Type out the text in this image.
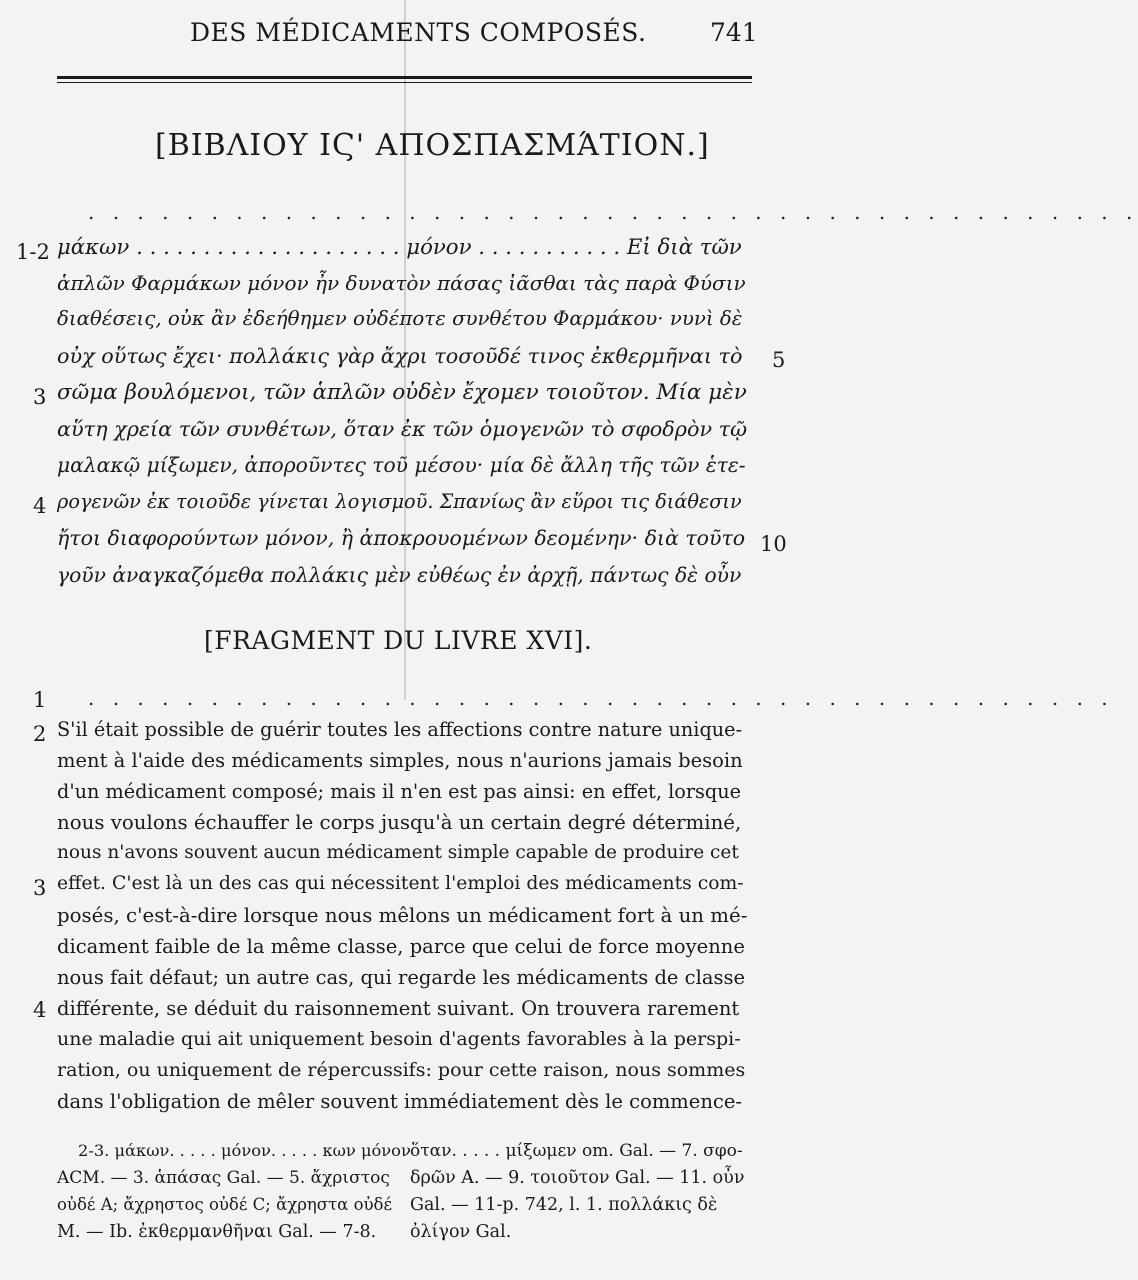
DES MÉDICAMENTS COMPOSÉS.	741
[ΒΙΒΛΙΟΥ ΙϚ' ΑΠΟΣΠΑΣΜΆΤΙΟΝ.]
. . . . . . . . . . . . . . . . . . . . . . . . . . . . . . . . . . . . . . . . . . .
1-2
3
4
5
10
μάκων . . . . . . . . . . . . . . . . . . . . μόνον . . . . . . . . . . . Εἰ διὰ τῶν
ἁπλῶν Φαρμάκων μόνον ἦν δυνατὸν πάσας ἰᾶσθαι τὰς παρὰ Φύσιν
διαθέσεις, οὐκ ἂν ἐδεήθημεν οὐδέποτε συνθέτου Φαρμάκου· νυνὶ δὲ
οὐχ οὕτως ἔχει· πολλάκις γὰρ ἄχρι τοσοῦδέ τινος ἐκθερμῆναι τὸ
σῶμα βουλόμενοι, τῶν ἁπλῶν οὐδὲν ἔχομεν τοιοῦτον. Μία μὲν
αὕτη χρεία τῶν συνθέτων, ὅταν ἐκ τῶν ὁμογενῶν τὸ σφοδρὸν τῷ
μαλακῷ μίξωμεν, ἀποροῦντες τοῦ μέσου· μία δὲ ἄλλη τῆς τῶν ἑτε-
ρογενῶν ἐκ τοιοῦδε γίνεται λογισμοῦ. Σπανίως ἂν εὕροι τις διάθεσιν
ἤτοι διαφορούντων μόνον, ἢ ἀποκρουομένων δεομένην· διὰ τοῦτο
γοῦν ἀναγκαζόμεθα πολλάκις μὲν εὐθέως ἐν ἀρχῇ, πάντως δὲ οὖν
[FRAGMENT DU LIVRE XVI].
. . . . . . . . . . . . . . . . . . . . . . . . . . . . . . . . . . . . . . . . . .
1
2
3
4
S'il était possible de guérir toutes les affections contre nature unique-
ment à l'aide des médicaments simples, nous n'aurions jamais besoin
d'un médicament composé; mais il n'en est pas ainsi: en effet, lorsque
nous voulons échauffer le corps jusqu'à un certain degré déterminé,
nous n'avons souvent aucun médicament simple capable de produire cet
effet. C'est là un des cas qui nécessitent l'emploi des médicaments com-
posés, c'est-à-dire lorsque nous mêlons un médicament fort à un mé-
dicament faible de la même classe, parce que celui de force moyenne
nous fait défaut; un autre cas, qui regarde les médicaments de classe
différente, se déduit du raisonnement suivant. On trouvera rarement
une maladie qui ait uniquement besoin d'agents favorables à la perspi-
ration, ou uniquement de répercussifs: pour cette raison, nous sommes
dans l'obligation de mêler souvent immédiatement dès le commence-
2-3. μάκων. . . . . μόνον. . . . . κων μόνον
ACM. — 3. ἁπάσας Gal. — 5. ἄχριστος
οὐδέ A; ἄχρηστος οὐδέ C; ἄχρηστα οὐδέ
M. — Ib. ἐκθερμανθῆναι Gal. — 7-8.
ὅταν. . . . . μίξωμεν om. Gal. — 7. σφο-
δρῶν A. — 9. τοιοῦτον Gal. — 11. οὖν
Gal. — 11-p. 742, l. 1. πολλάκις δὲ
ὀλίγον Gal.
